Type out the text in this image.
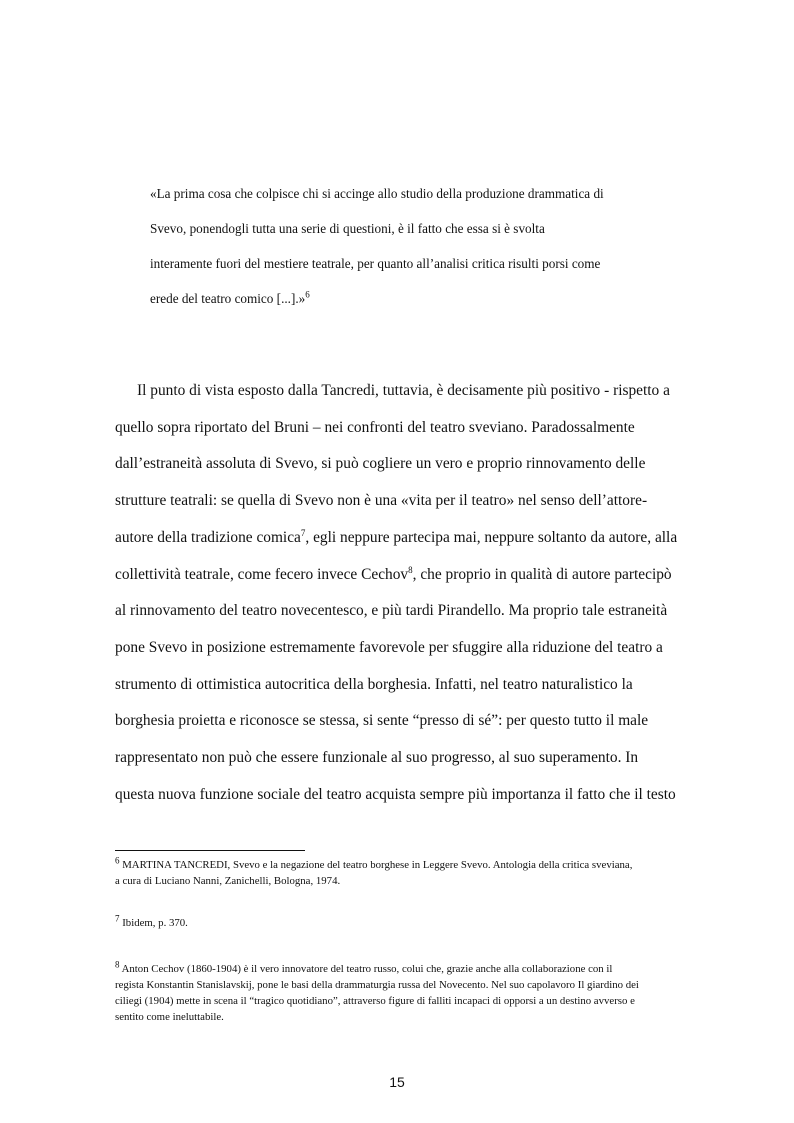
«La prima cosa che colpisce chi si accinge allo studio della produzione drammatica di
Svevo, ponendogli tutta una serie di questioni, è il fatto che essa si è svolta
interamente fuori del mestiere teatrale, per quanto all’analisi critica risulti porsi come
erede del teatro comico [...].»$^6$
Il punto di vista esposto dalla Tancredi, tuttavia, è decisamente più positivo - rispetto a
quello sopra riportato del Bruni – nei confronti del teatro sveviano. Paradossalmente
dall’estraneità assoluta di Svevo, si può cogliere un vero e proprio rinnovamento delle
strutture teatrali: se quella di Svevo non è una «vita per il teatro» nel senso dell’attore-
autore della tradizione comica$^7$, egli neppure partecipa mai, neppure soltanto da autore, alla
collettività teatrale, come fecero invece Cechov$^8$, che proprio in qualità di autore partecipò
al rinnovamento del teatro novecentesco, e più tardi Pirandello. Ma proprio tale estraneità
pone Svevo in posizione estremamente favorevole per sfuggire alla riduzione del teatro a
strumento di ottimistica autocritica della borghesia. Infatti, nel teatro naturalistico la
borghesia proietta e riconosce se stessa, si sente “presso di sé”: per questo tutto il male
rappresentato non può che essere funzionale al suo progresso, al suo superamento. In
questa nuova funzione sociale del teatro acquista sempre più importanza il fatto che il testo
$^6$ MARTINA TANCREDI, Svevo e la negazione del teatro borghese in Leggere Svevo. Antologia della critica sveviana,
a cura di Luciano Nanni, Zanichelli, Bologna, 1974.
$^7$ Ibidem, p. 370.
$^8$ Anton Cechov (1860-1904) è il vero innovatore del teatro russo, colui che, grazie anche alla collaborazione con il
regista Konstantin Stanislavskij, pone le basi della drammaturgia russa del Novecento. Nel suo capolavoro Il giardino dei
ciliegi (1904) mette in scena il “tragico quotidiano”, attraverso figure di falliti incapaci di opporsi a un destino avverso e
sentito come ineluttabile.
15
